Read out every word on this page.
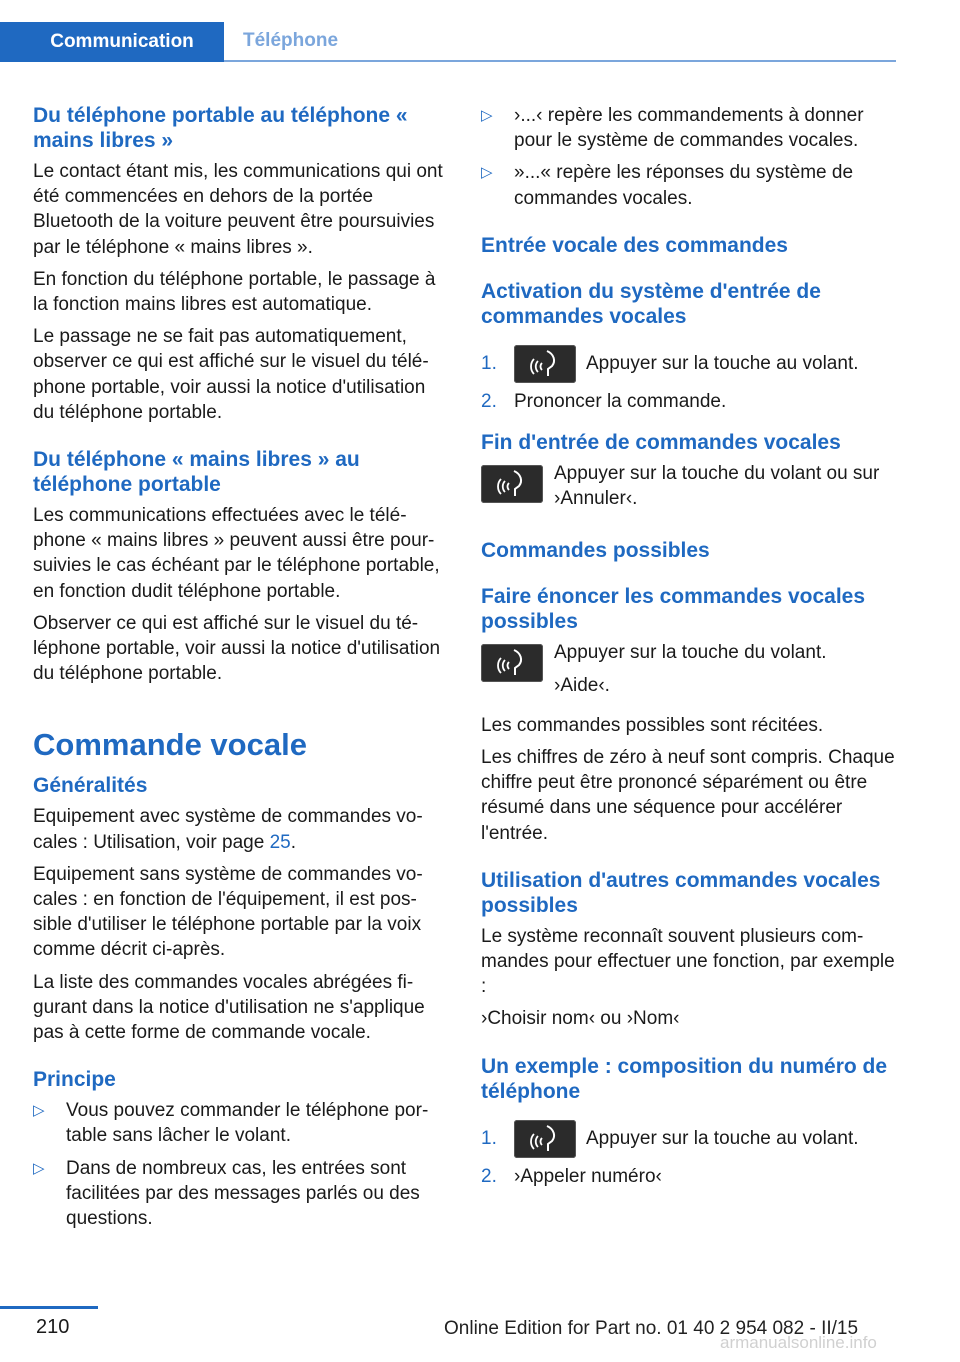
Communication	Téléphone
Du téléphone portable au téléphone « mains libres »

Le contact étant mis, les communications qui ont été commencées en dehors de la portée Bluetooth de la voiture peuvent être poursuivies par le téléphone « mains libres ».

En fonction du téléphone portable, le passage à la fonction mains libres est automatique.

Le passage ne se fait pas automatiquement, observer ce qui est affiché sur le visuel du téléphone portable, voir aussi la notice d'utilisation du téléphone portable.

Du téléphone « mains libres » au téléphone portable

Les communications effectuées avec le téléphone « mains libres » peuvent aussi être poursuivies le cas échéant par le téléphone portable, en fonction dudit téléphone portable.

Observer ce qui est affiché sur le visuel du téléphone portable, voir aussi la notice d'utilisation du téléphone portable.

Commande vocale
Généralités

Equipement avec système de commandes vocales : Utilisation, voir page 25.

Equipement sans système de commandes vocales : en fonction de l'équipement, il est possible d'utiliser le téléphone portable par la voix comme décrit ci-après.

La liste des commandes vocales abrégées figurant dans la notice d'utilisation ne s'applique pas à cette forme de commande vocale.

Principe
▷ Vous pouvez commander le téléphone portable sans lâcher le volant.
▷ Dans de nombreux cas, les entrées sont facilitées par des messages parlés ou des questions.
▷ ›...‹ repère les commandements à donner pour le système de commandes vocales.
▷ »...« repère les réponses du système de commandes vocales.
Entrée vocale des commandes
Activation du système d'entrée de commandes vocales
1.	Appuyer sur la touche au volant.
2. Prononcer la commande.
Fin d'entrée de commandes vocales
Appuyer sur la touche du volant ou sur ›Annuler‹.
Commandes possibles
Faire énoncer les commandes vocales possibles
Appuyer sur la touche du volant.
›Aide‹.

Les commandes possibles sont récitées.

Les chiffres de zéro à neuf sont compris. Chaque chiffre peut être prononcé séparément ou être résumé dans une séquence pour accélérer l'entrée.

Utilisation d'autres commandes vocales possibles

Le système reconnaît souvent plusieurs commandes pour effectuer une fonction, par exemple :

›Choisir nom‹ ou ›Nom‹

Un exemple : composition du numéro de téléphone
1.	Appuyer sur la touche au volant.
2. ›Appeler numéro‹
210	Online Edition for Part no. 01 40 2 954 082 - II/15
armanualsonline.info
